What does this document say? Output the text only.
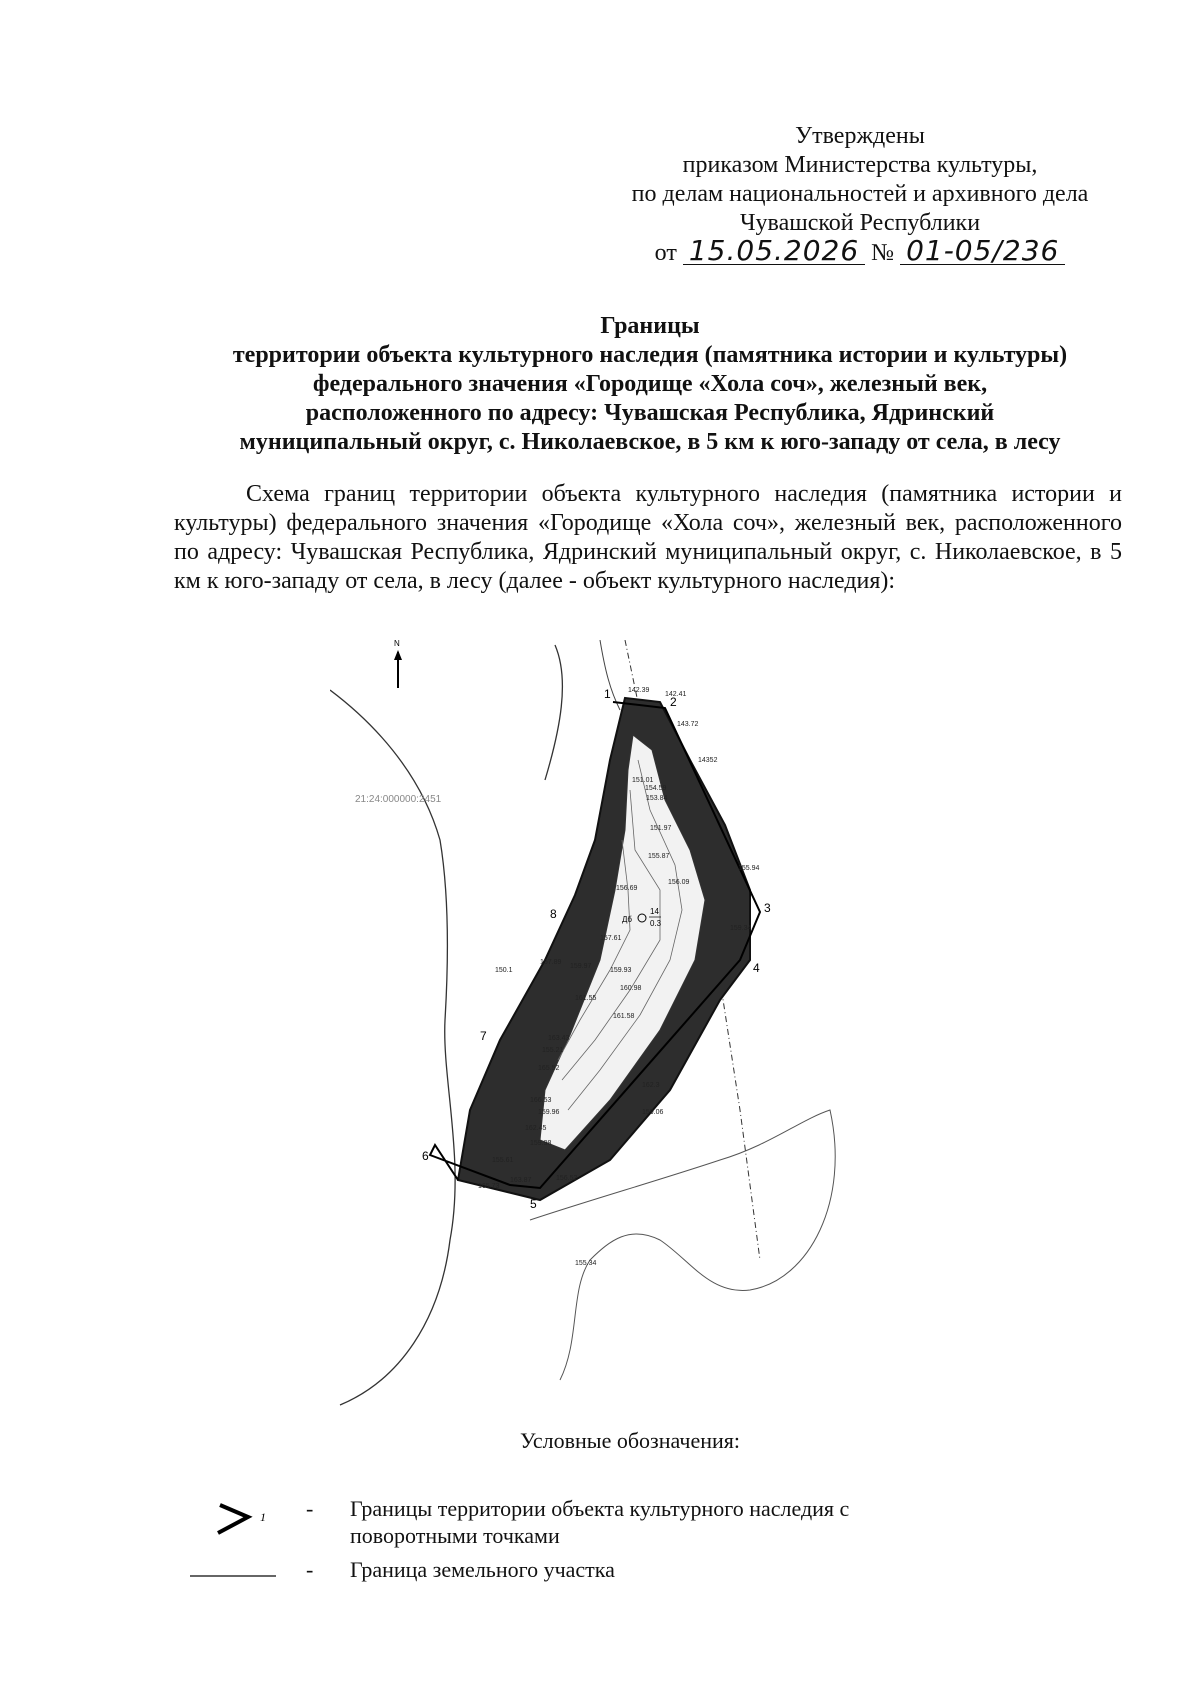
Утверждены
приказом Министерства культуры,
по делам национальностей и архивного дела
Чувашской Республики
от 15.05.2026 № 01-05/236
Границы
территории объекта культурного наследия (памятника истории и культуры)
федерального значения «Городище «Хола соч», железный век,
расположенного по адресу: Чувашская Республика, Ядринский
муниципальный округ, с. Николаевское, в 5 км к юго-западу от села, в лесу

Схема границ территории объекта культурного наследия (памятника истории и культуры) федерального значения «Городище «Хола соч», железный век, расположенного по адресу: Чувашская Республика, Ядринский муниципальный округ, с. Николаевское, в 5 км к юго-западу от села, в лесу (далее - объект культурного наследия):

N
21:24:000000:2451
1
2
3
4
5
6
7
8
142.39
142.41
143.72
151.01
14352
154.59
153.84
151.97
155.87
155.94
156.69
156.09
159.34
157.61
157.89
159.97
159.93
150.1
161.55
161.58
160.98
163.43
155.21
165.52
166.53
162.3
159.96
162.45
159.98
159.06
156.52
155.61
165.73
163.87
155.34
Дб
14
0.3
Условные обозначения:
1 - Границы территории объекта культурного наследия с поворотными точками
- Граница земельного участка
